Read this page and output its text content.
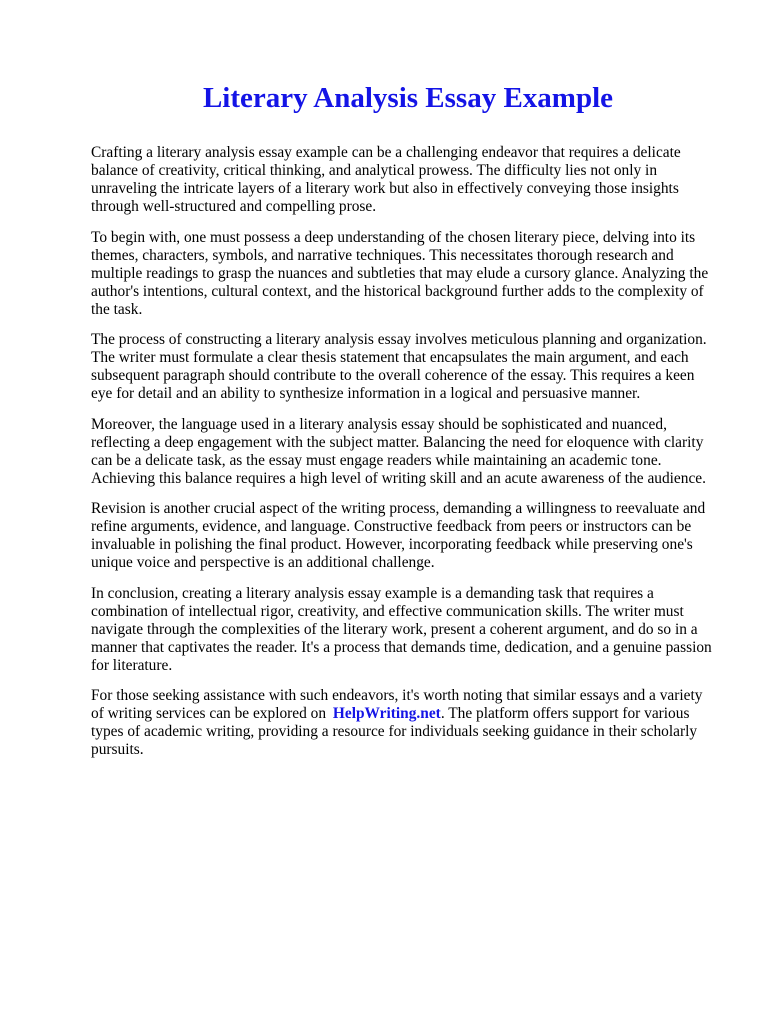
Literary Analysis Essay Example

Crafting a literary analysis essay example can be a challenging endeavor that requires a delicate balance of creativity, critical thinking, and analytical prowess. The difficulty lies not only in unraveling the intricate layers of a literary work but also in effectively conveying those insights through well-structured and compelling prose.

To begin with, one must possess a deep understanding of the chosen literary piece, delving into its themes, characters, symbols, and narrative techniques. This necessitates thorough research and multiple readings to grasp the nuances and subtleties that may elude a cursory glance. Analyzing the author's intentions, cultural context, and the historical background further adds to the complexity of the task.

The process of constructing a literary analysis essay involves meticulous planning and organization. The writer must formulate a clear thesis statement that encapsulates the main argument, and each subsequent paragraph should contribute to the overall coherence of the essay. This requires a keen eye for detail and an ability to synthesize information in a logical and persuasive manner.

Moreover, the language used in a literary analysis essay should be sophisticated and nuanced, reflecting a deep engagement with the subject matter. Balancing the need for eloquence with clarity can be a delicate task, as the essay must engage readers while maintaining an academic tone. Achieving this balance requires a high level of writing skill and an acute awareness of the audience.

Revision is another crucial aspect of the writing process, demanding a willingness to reevaluate and refine arguments, evidence, and language. Constructive feedback from peers or instructors can be invaluable in polishing the final product. However, incorporating feedback while preserving one's unique voice and perspective is an additional challenge.

In conclusion, creating a literary analysis essay example is a demanding task that requires a combination of intellectual rigor, creativity, and effective communication skills. The writer must navigate through the complexities of the literary work, present a coherent argument, and do so in a manner that captivates the reader. It's a process that demands time, dedication, and a genuine passion for literature.

For those seeking assistance with such endeavors, it's worth noting that similar essays and a variety of writing services can be explored on HelpWriting.net. The platform offers support for various types of academic writing, providing a resource for individuals seeking guidance in their scholarly pursuits.
